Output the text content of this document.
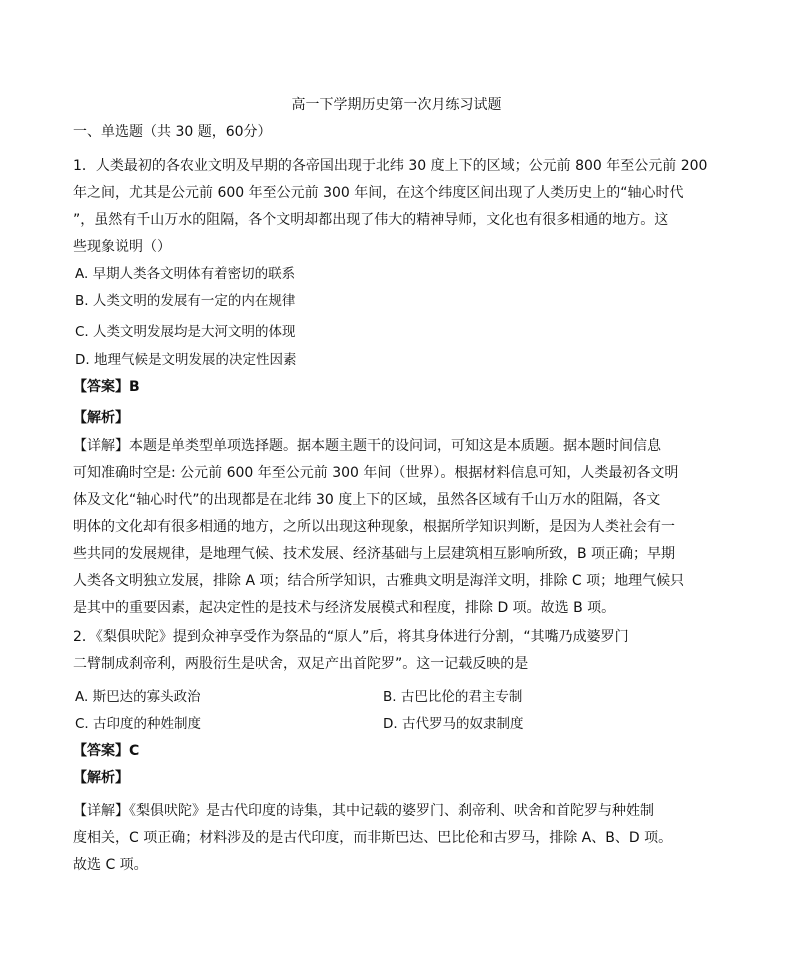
高一下学期历史第一次月练习试题
一、单选题（共 30 题，60分）
1．人类最初的各农业文明及早期的各帝国出现于北纬 30 度上下的区域；公元前 800 年至公元前 200
年之间，尤其是公元前 600 年至公元前 300 年间，在这个纬度区间出现了人类历史上的“轴心时代
”，虽然有千山万水的阻隔，各个文明却都出现了伟大的精神导师，文化也有很多相通的地方。这
些现象说明（）
A. 早期人类各文明体有着密切的联系
B. 人类文明的发展有一定的内在规律
C. 人类文明发展均是大河文明的体现
D. 地理气候是文明发展的决定性因素
【答案】B
【解析】
【详解】本题是单类型单项选择题。据本题主题干的设问词，可知这是本质题。据本题时间信息
可知准确时空是: 公元前 600 年至公元前 300 年间（世界）。根据材料信息可知，人类最初各文明
体及文化“轴心时代”的出现都是在北纬 30 度上下的区域，虽然各区域有千山万水的阻隔，各文
明体的文化却有很多相通的地方，之所以出现这种现象，根据所学知识判断，是因为人类社会有一
些共同的发展规律，是地理气候、技术发展、经济基础与上层建筑相互影响所致，B 项正确；早期
人类各文明独立发展，排除 A 项；结合所学知识，古雅典文明是海洋文明，排除 C 项；地理气候只
是其中的重要因素，起决定性的是技术与经济发展模式和程度，排除 D 项。故选 B 项。
2．《梨俱吠陀》提到众神享受作为祭品的“原人”后，将其身体进行分割，“其嘴乃成婆罗门
二臂制成刹帝利，两股衍生是吠舍，双足产出首陀罗”。这一记载反映的是
A. 斯巴达的寡头政治	B. 古巴比伦的君主专制
C. 古印度的种姓制度	D. 古代罗马的奴隶制度
【答案】C
【解析】
【详解】《梨俱吠陀》是古代印度的诗集，其中记载的婆罗门、刹帝利、吠舍和首陀罗与种姓制
度相关，C 项正确；材料涉及的是古代印度，而非斯巴达、巴比伦和古罗马，排除 A、B、D 项。
故选 C 项。
